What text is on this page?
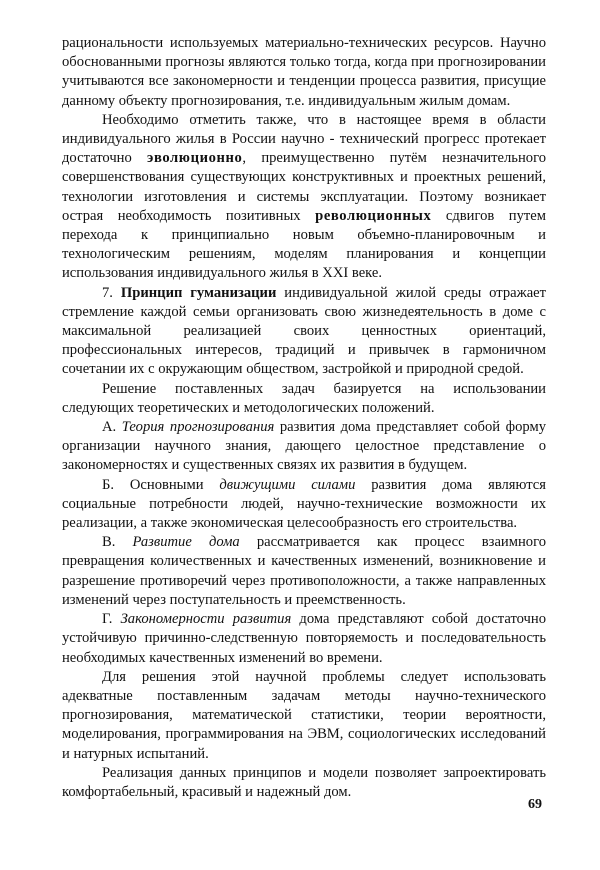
рациональности используемых материально-технических ресурсов. Научно обоснованными прогнозы являются только тогда, когда при прогнозировании учитываются все закономерности и тенденции процесса развития, присущие данному объекту прогнозирования, т.е. индивидуальным жилым домам.

Необходимо отметить также, что в настоящее время в области индивидуального жилья в России научно - технический прогресс протекает достаточно эволюционно, преимущественно путём незначительного совершенствования существующих конструктивных и проектных решений, технологии изготовления и системы эксплуатации. Поэтому возникает острая необходимость позитивных революционных сдвигов путем перехода к принципиально новым объемно-планировочным и технологическим решениям, моделям планирования и концепции использования индивидуального жилья в XXI веке.

7. Принцип гуманизации индивидуальной жилой среды отражает стремление каждой семьи организовать свою жизнедеятельность в доме с максимальной реализацией своих ценностных ориентаций, профессиональных интересов, традиций и привычек в гармоничном сочетании их с окружающим обществом, застройкой и природной средой.

Решение поставленных задач базируется на использовании следующих теоретических и методологических положений.

А. Теория прогнозирования развития дома представляет собой форму организации научного знания, дающего целостное представление о закономерностях и существенных связях их развития в будущем.

Б. Основными движущими силами развития дома являются социальные потребности людей, научно-технические возможности их реализации, а также экономическая целесообразность его строительства.

В. Развитие дома рассматривается как процесс взаимного превращения количественных и качественных изменений, возникновение и разрешение противоречий через противоположности, а также направленных изменений через поступательность и преемственность.

Г. Закономерности развития дома представляют собой достаточно устойчивую причинно-следственную повторяемость и последовательность необходимых качественных изменений во времени.

Для решения этой научной проблемы следует использовать адекватные поставленным задачам методы научно-технического прогнозирования, математической статистики, теории вероятности, моделирования, программирования на ЭВМ, социологических исследований и натурных испытаний.

Реализация данных принципов и модели позволяет запроектировать комфортабельный, красивый и надежный дом.

69
